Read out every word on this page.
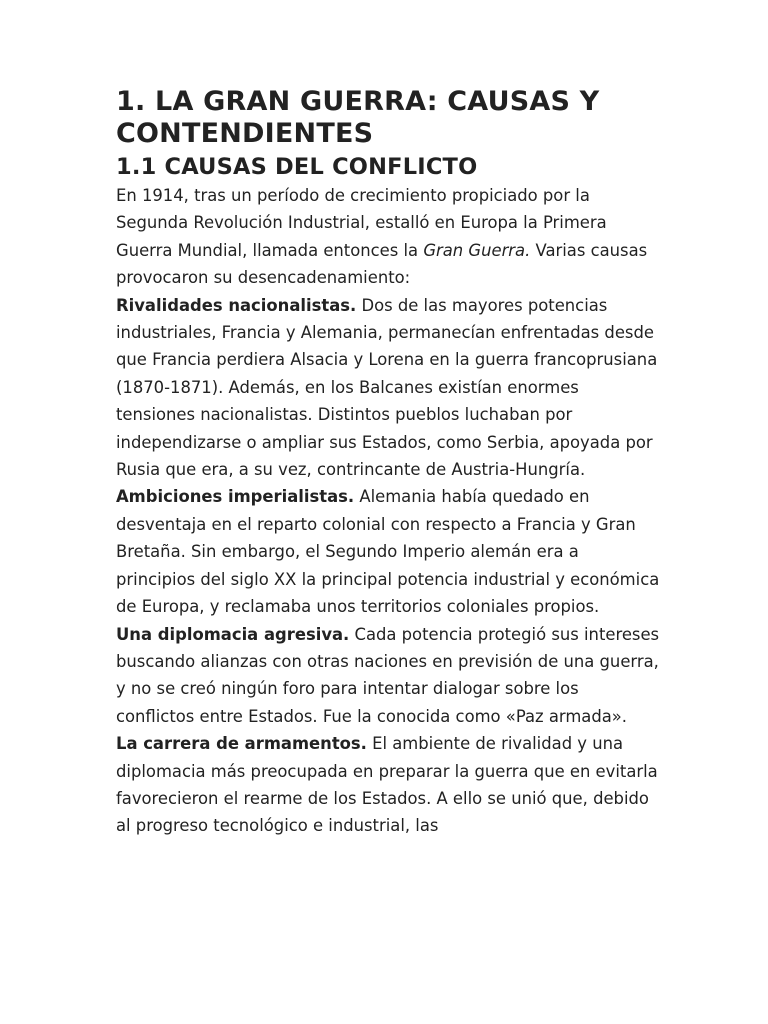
1. LA GRAN GUERRA: CAUSAS Y CONTENDIENTES
1.1 CAUSAS DEL CONFLICTO

En 1914, tras un período de crecimiento propiciado por la Segunda Revolución Industrial, estalló en Europa la Primera Guerra Mundial, llamada entonces la Gran Guerra. Varias causas provocaron su desencadenamiento:

Rivalidades nacionalistas. Dos de las mayores potencias industriales, Francia y Alemania, permanecían enfrentadas desde que Francia perdiera Alsacia y Lorena en la guerra francoprusiana (1870-1871). Además, en los Balcanes existían enormes tensiones nacionalistas. Distintos pueblos luchaban por independizarse o ampliar sus Estados, como Serbia, apoyada por Rusia que era, a su vez, contrincante de Austria-Hungría.

Ambiciones imperialistas. Alemania había quedado en desventaja en el reparto colonial con respecto a Francia y Gran Bretaña. Sin embargo, el Segundo Imperio alemán era a principios del siglo XX la principal potencia industrial y económica de Europa, y reclamaba unos territorios coloniales propios.

Una diplomacia agresiva. Cada potencia protegió sus intereses buscando alianzas con otras naciones en previsión de una guerra, y no se creó ningún foro para intentar dialogar sobre los conflictos entre Estados. Fue la conocida como «Paz armada».

La carrera de armamentos. El ambiente de rivalidad y una diplomacia más preocupada en preparar la guerra que en evitarla favorecieron el rearme de los Estados. A ello se unió que, debido al progreso tecnológico e industrial, las
